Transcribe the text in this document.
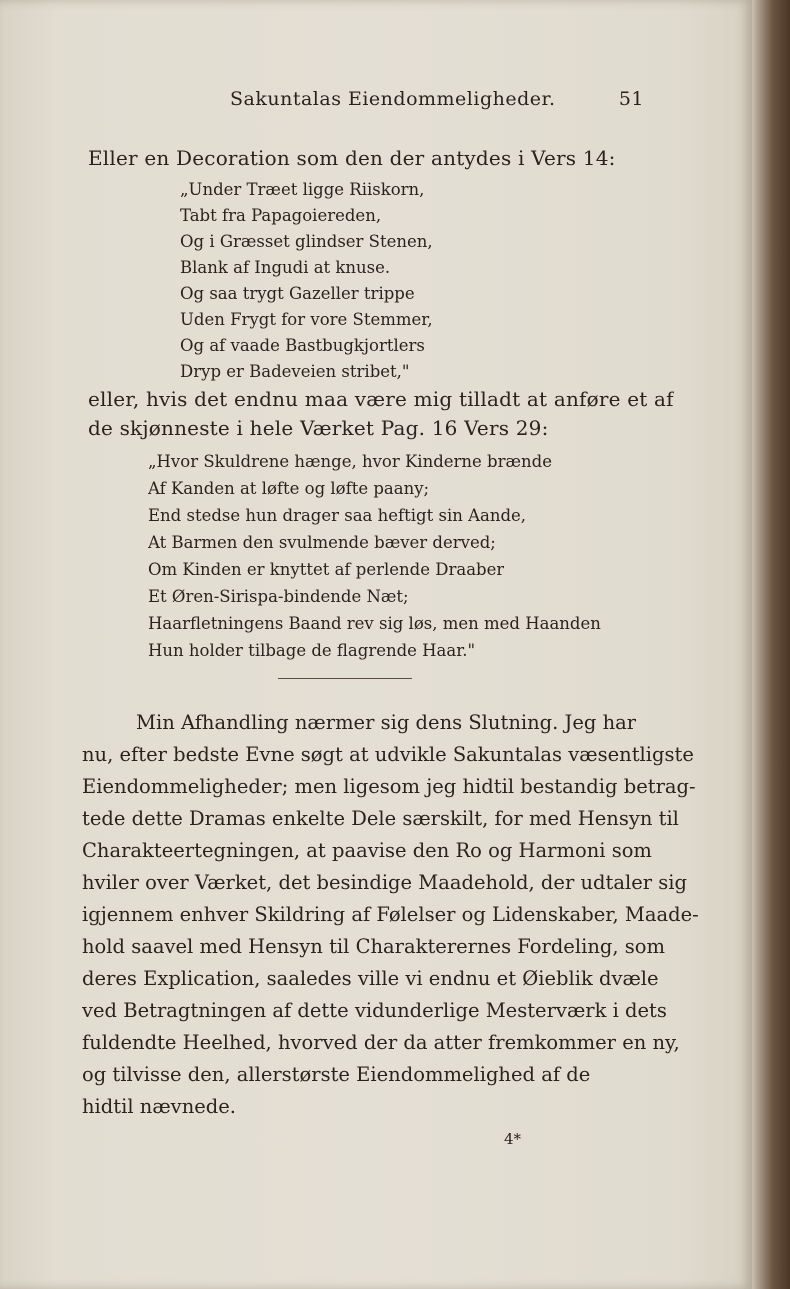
Sakuntalas Eiendommeligheder.	51
Eller en Decoration som den der antydes i Vers 14:
„Under Træet ligge Riiskorn,
Tabt fra Papagoiereden,
Og i Græsset glindser Stenen,
Blank af Ingudi at knuse.
Og saa trygt Gazeller trippe
Uden Frygt for vore Stemmer,
Og af vaade Bastbugkjortlers
Dryp er Badeveien stribet,"
eller, hvis det endnu maa være mig tilladt at anføre et af
de skjønneste i hele Værket Pag. 16 Vers 29:
„Hvor Skuldrene hænge, hvor Kinderne brænde
Af Kanden at løfte og løfte paany;
End stedse hun drager saa heftigt sin Aande,
At Barmen den svulmende bæver derved;
Om Kinden er knyttet af perlende Draaber
Et Øren-Sirispa-bindende Næt;
Haarfletningens Baand rev sig løs, men med Haanden
Hun holder tilbage de flagrende Haar."
Min Afhandling nærmer sig dens Slutning. Jeg har
nu, efter bedste Evne søgt at udvikle Sakuntalas væsentligste
Eiendommeligheder; men ligesom jeg hidtil bestandig betrag-
tede dette Dramas enkelte Dele særskilt, for med Hensyn til
Charakteertegningen, at paavise den Ro og Harmoni som
hviler over Værket, det besindige Maadehold, der udtaler sig
igjennem enhver Skildring af Følelser og Lidenskaber, Maade-
hold saavel med Hensyn til Charakterernes Fordeling, som
deres Explication, saaledes ville vi endnu et Øieblik dvæle
ved Betragtningen af dette vidunderlige Mesterværk i dets
fuldendte Heelhed, hvorved der da atter fremkommer en ny,
og tilvisse den, allerstørste Eiendommelighed af de
hidtil nævnede.
4*
